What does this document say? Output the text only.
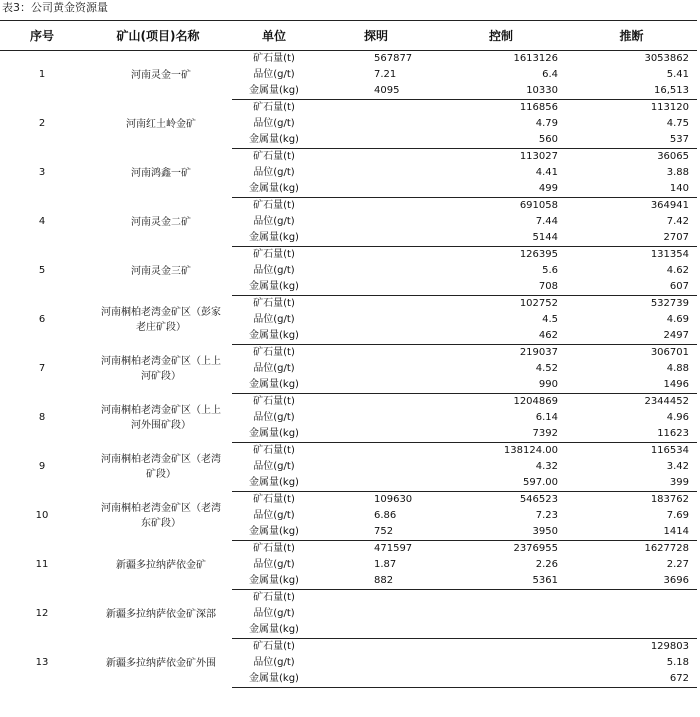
表3：公司黄金资源量
序号	矿山(项目)名称	单位	探明	控制	推断
1	河南灵金一矿	矿石量(t)	567877	1613126	3053862
		品位(g/t)	7.21	6.4	5.41
		金属量(kg)	4095	10330	16,513
2	河南红土岭金矿	矿石量(t)		116856	113120
		品位(g/t)		4.79	4.75
		金属量(kg)		560	537
3	河南鸿鑫一矿	矿石量(t)		113027	36065
		品位(g/t)		4.41	3.88
		金属量(kg)		499	140
4	河南灵金二矿	矿石量(t)		691058	364941
		品位(g/t)		7.44	7.42
		金属量(kg)		5144	2707
5	河南灵金三矿	矿石量(t)		126395	131354
		品位(g/t)		5.6	4.62
		金属量(kg)		708	607
6	河南桐柏老湾金矿区（彭家老庄矿段）	矿石量(t)		102752	532739
		品位(g/t)		4.5	4.69
		金属量(kg)		462	2497
7	河南桐柏老湾金矿区（上上河矿段）	矿石量(t)		219037	306701
		品位(g/t)		4.52	4.88
		金属量(kg)		990	1496
8	河南桐柏老湾金矿区（上上河外围矿段）	矿石量(t)		1204869	2344452
		品位(g/t)		6.14	4.96
		金属量(kg)		7392	11623
9	河南桐柏老湾金矿区（老湾矿段）	矿石量(t)		138124.00	116534
		品位(g/t)		4.32	3.42
		金属量(kg)		597.00	399
10	河南桐柏老湾金矿区（老湾东矿段）	矿石量(t)	109630	546523	183762
		品位(g/t)	6.86	7.23	7.69
		金属量(kg)	752	3950	1414
11	新疆多拉纳萨依金矿	矿石量(t)	471597	2376955	1627728
		品位(g/t)	1.87	2.26	2.27
		金属量(kg)	882	5361	3696
12	新疆多拉纳萨依金矿深部	矿石量(t)			
		品位(g/t)			
		金属量(kg)			
13	新疆多拉纳萨依金矿外围	矿石量(t)			129803
		品位(g/t)			5.18
		金属量(kg)			672
